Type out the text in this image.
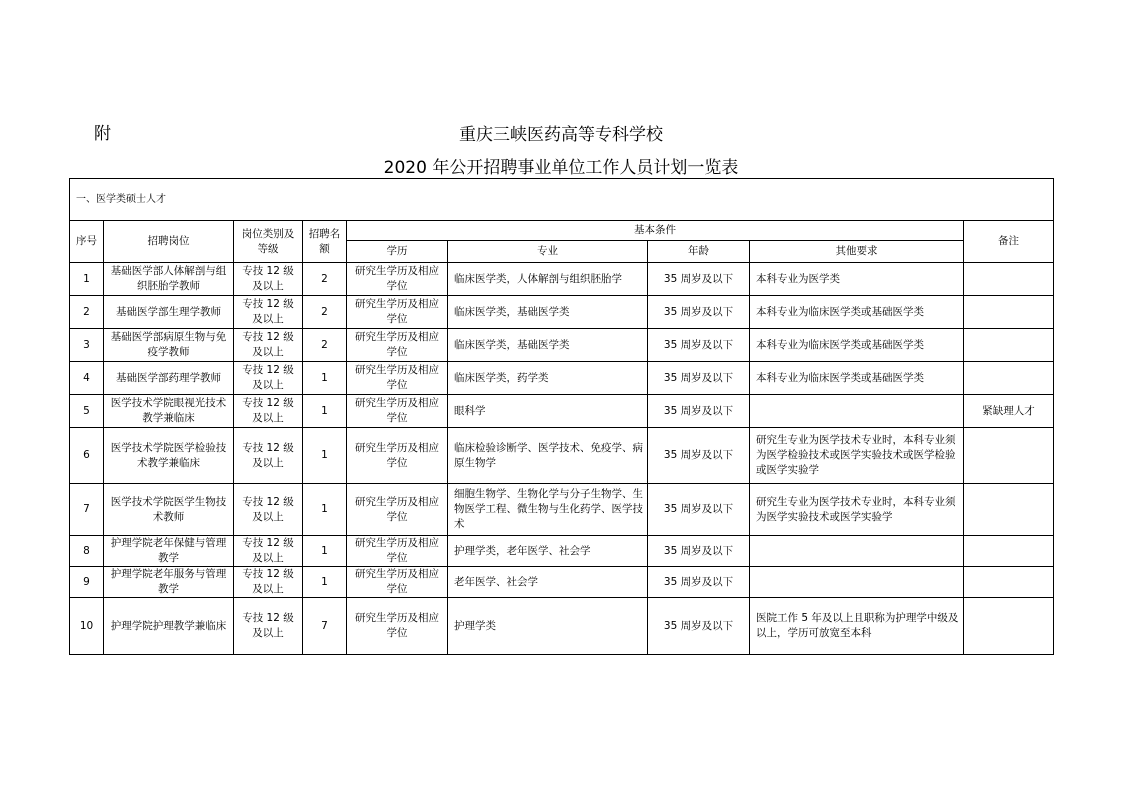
附	重庆三峡医药高等专科学校
2020 年公开招聘事业单位工作人员计划一览表
一、医学类硕士人才								
序号	招聘岗位	岗位类别及等级	招聘名额	基本条件				备注
				学历	专业	年龄	其他要求	
1	基础医学部人体解剖与组织胚胎学教师	专技 12 级及以上	2	研究生学历及相应学位	临床医学类，人体解剖与组织胚胎学	35 周岁及以下	本科专业为医学类	
2	基础医学部生理学教师	专技 12 级及以上	2	研究生学历及相应学位	临床医学类，基础医学类	35 周岁及以下	本科专业为临床医学类或基础医学类	
3	基础医学部病原生物与免疫学教师	专技 12 级及以上	2	研究生学历及相应学位	临床医学类，基础医学类	35 周岁及以下	本科专业为临床医学类或基础医学类	
4	基础医学部药理学教师	专技 12 级及以上	1	研究生学历及相应学位	临床医学类，药学类	35 周岁及以下	本科专业为临床医学类或基础医学类	
5	医学技术学院眼视光技术教学兼临床	专技 12 级及以上	1	研究生学历及相应学位	眼科学	35 周岁及以下		紧缺理人才
6	医学技术学院医学检验技术教学兼临床	专技 12 级及以上	1	研究生学历及相应学位	临床检验诊断学、医学技术、免疫学、病原生物学	35 周岁及以下	研究生专业为医学技术专业时，本科专业须为医学检验技术或医学实验技术或医学检验或医学实验学	
7	医学技术学院医学生物技术教师	专技 12 级及以上	1	研究生学历及相应学位	细胞生物学、生物化学与分子生物学、生物医学工程、微生物与生化药学、医学技术	35 周岁及以下	研究生专业为医学技术专业时，本科专业须为医学实验技术或医学实验学	
8	护理学院老年保健与管理教学	专技 12 级及以上	1	研究生学历及相应学位	护理学类，老年医学、社会学	35 周岁及以下		
9	护理学院老年服务与管理教学	专技 12 级及以上	1	研究生学历及相应学位	老年医学、社会学	35 周岁及以下		
10	护理学院护理教学兼临床	专技 12 级及以上	7	研究生学历及相应学位	护理学类	35 周岁及以下	医院工作 5 年及以上且职称为护理学中级及以上，学历可放宽至本科	
